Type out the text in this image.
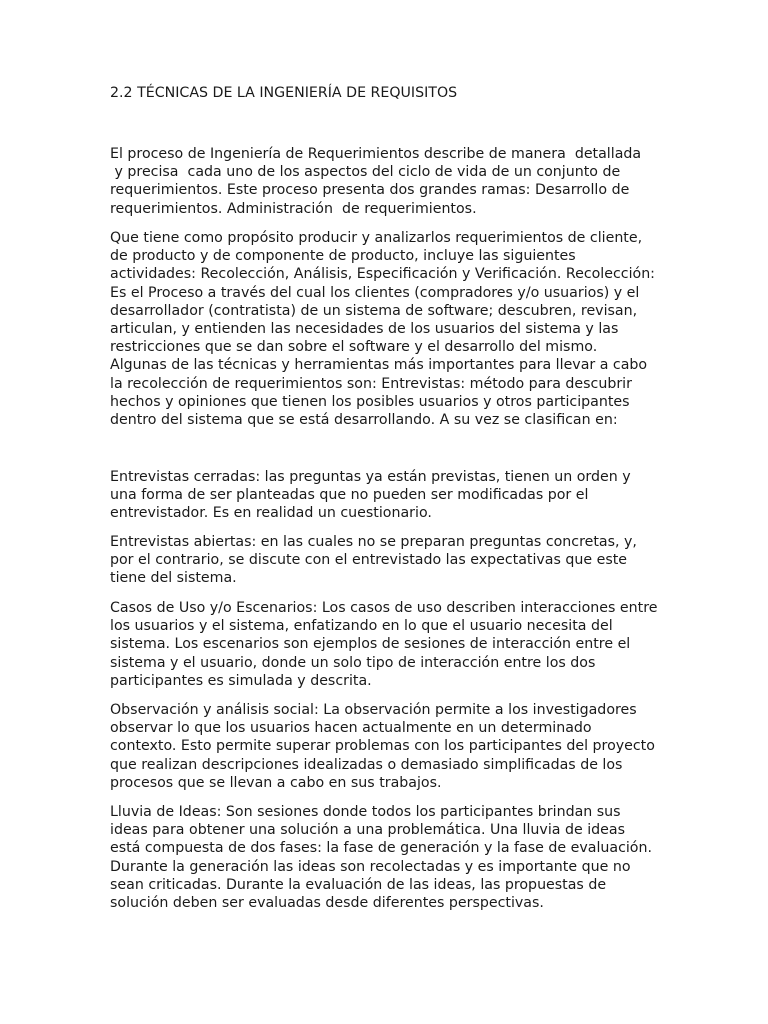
2.2 TÉCNICAS DE LA INGENIERÍA DE REQUISITOS

El proceso de Ingeniería de Requerimientos describe de manera  detallada
y precisa  cada uno de los aspectos del ciclo de vida de un conjunto de
requerimientos. Este proceso presenta dos grandes ramas: Desarrollo de
requerimientos. Administración  de requerimientos.

Que tiene como propósito producir y analizarlos requerimientos de cliente,
de producto y de componente de producto, incluye las siguientes
actividades: Recolección, Análisis, Especificación y Verificación. Recolección:
Es el Proceso a través del cual los clientes (compradores y/o usuarios) y el
desarrollador (contratista) de un sistema de software; descubren, revisan,
articulan, y entienden las necesidades de los usuarios del sistema y las
restricciones que se dan sobre el software y el desarrollo del mismo.
Algunas de las técnicas y herramientas más importantes para llevar a cabo
la recolección de requerimientos son: Entrevistas: método para descubrir
hechos y opiniones que tienen los posibles usuarios y otros participantes
dentro del sistema que se está desarrollando. A su vez se clasifican en:

Entrevistas cerradas: las preguntas ya están previstas, tienen un orden y
una forma de ser planteadas que no pueden ser modificadas por el
entrevistador. Es en realidad un cuestionario.

Entrevistas abiertas: en las cuales no se preparan preguntas concretas, y,
por el contrario, se discute con el entrevistado las expectativas que este
tiene del sistema.

Casos de Uso y/o Escenarios: Los casos de uso describen interacciones entre
los usuarios y el sistema, enfatizando en lo que el usuario necesita del
sistema. Los escenarios son ejemplos de sesiones de interacción entre el
sistema y el usuario, donde un solo tipo de interacción entre los dos
participantes es simulada y descrita.

Observación y análisis social: La observación permite a los investigadores
observar lo que los usuarios hacen actualmente en un determinado
contexto. Esto permite superar problemas con los participantes del proyecto
que realizan descripciones idealizadas o demasiado simplificadas de los
procesos que se llevan a cabo en sus trabajos.

Lluvia de Ideas: Son sesiones donde todos los participantes brindan sus
ideas para obtener una solución a una problemática. Una lluvia de ideas
está compuesta de dos fases: la fase de generación y la fase de evaluación.
Durante la generación las ideas son recolectadas y es importante que no
sean criticadas. Durante la evaluación de las ideas, las propuestas de
solución deben ser evaluadas desde diferentes perspectivas.
